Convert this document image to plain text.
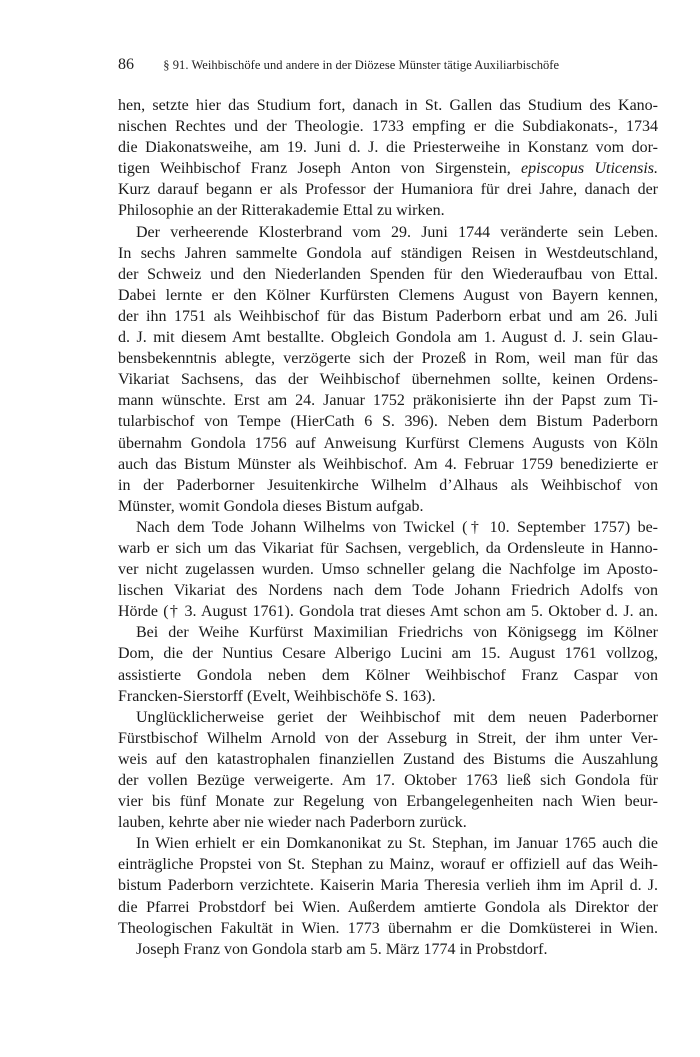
86 § 91. Weihbischöfe und andere in der Diözese Münster tätige Auxiliarbischöfe

hen, setzte hier das Studium fort, danach in St. Gallen das Studium des Kano-
nischen Rechtes und der Theologie. 1733 empfing er die Subdiakonats-, 1734
die Diakonatsweihe, am 19. Juni d. J. die Priesterweihe in Konstanz vom dor-
tigen Weihbischof Franz Joseph Anton von Sirgenstein, episcopus Uticensis.
Kurz darauf begann er als Professor der Humaniora für drei Jahre, danach der
Philosophie an der Ritterakademie Ettal zu wirken.

Der verheerende Klosterbrand vom 29. Juni 1744 veränderte sein Leben.
In sechs Jahren sammelte Gondola auf ständigen Reisen in Westdeutschland,
der Schweiz und den Niederlanden Spenden für den Wiederaufbau von Ettal.
Dabei lernte er den Kölner Kurfürsten Clemens August von Bayern kennen,
der ihn 1751 als Weihbischof für das Bistum Paderborn erbat und am 26. Juli
d. J. mit diesem Amt bestallte. Obgleich Gondola am 1. August d. J. sein Glau-
bensbekenntnis ablegte, verzögerte sich der Prozeß in Rom, weil man für das
Vikariat Sachsens, das der Weihbischof übernehmen sollte, keinen Ordens-
mann wünschte. Erst am 24. Januar 1752 präkonisierte ihn der Papst zum Ti-
tularbischof von Tempe (HierCath 6 S. 396). Neben dem Bistum Paderborn
übernahm Gondola 1756 auf Anweisung Kurfürst Clemens Augusts von Köln
auch das Bistum Münster als Weihbischof. Am 4. Februar 1759 benedizierte er
in der Paderborner Jesuitenkirche Wilhelm d’Alhaus als Weihbischof von
Münster, womit Gondola dieses Bistum aufgab.

Nach dem Tode Johann Wilhelms von Twickel († 10. September 1757) be-
warb er sich um das Vikariat für Sachsen, vergeblich, da Ordensleute in Hanno-
ver nicht zugelassen wurden. Umso schneller gelang die Nachfolge im Aposto-
lischen Vikariat des Nordens nach dem Tode Johann Friedrich Adolfs von
Hörde († 3. August 1761). Gondola trat dieses Amt schon am 5. Oktober d. J. an.

Bei der Weihe Kurfürst Maximilian Friedrichs von Königsegg im Kölner
Dom, die der Nuntius Cesare Alberigo Lucini am 15. August 1761 vollzog,
assistierte Gondola neben dem Kölner Weihbischof Franz Caspar von
Francken-Sierstorff (Evelt, Weihbischöfe S. 163).

Unglücklicherweise geriet der Weihbischof mit dem neuen Paderborner
Fürstbischof Wilhelm Arnold von der Asseburg in Streit, der ihm unter Ver-
weis auf den katastrophalen finanziellen Zustand des Bistums die Auszahlung
der vollen Bezüge verweigerte. Am 17. Oktober 1763 ließ sich Gondola für
vier bis fünf Monate zur Regelung von Erbangelegenheiten nach Wien beur-
lauben, kehrte aber nie wieder nach Paderborn zurück.

In Wien erhielt er ein Domkanonikat zu St. Stephan, im Januar 1765 auch die
einträgliche Propstei von St. Stephan zu Mainz, worauf er offiziell auf das Weih-
bistum Paderborn verzichtete. Kaiserin Maria Theresia verlieh ihm im April d. J.
die Pfarrei Probstdorf bei Wien. Außerdem amtierte Gondola als Direktor der
Theologischen Fakultät in Wien. 1773 übernahm er die Domküsterei in Wien.

Joseph Franz von Gondola starb am 5. März 1774 in Probstdorf.
